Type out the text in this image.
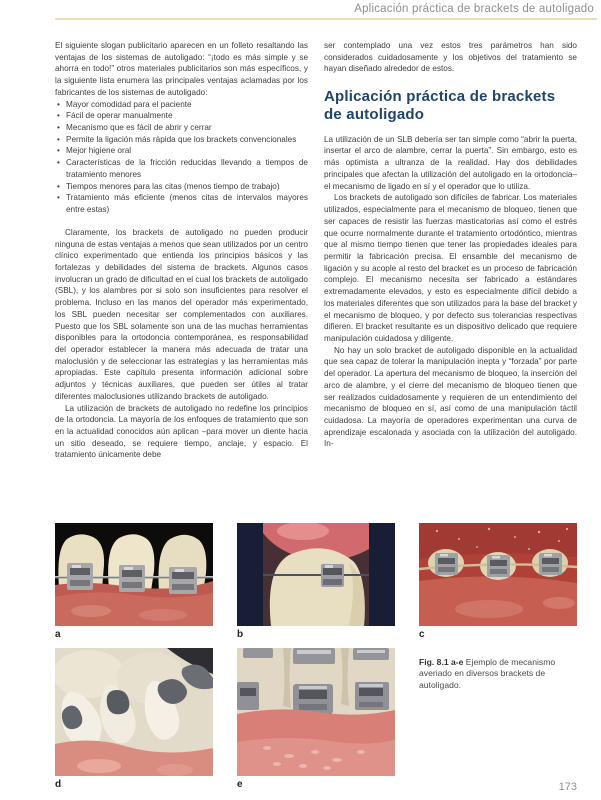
Aplicación práctica de brackets de autoligado

El siguiente slogan publicitario aparecen en un folleto resaltando las ventajas de los sistemas de autoligado: “¡todo es más simple y se ahorra en todo!” otros materiales publicitarios son más específicos, y la siguiente lista enumera las principales ventajas aclamadas por los fabricantes de los sistemas de autoligado:

• Mayor comodidad para el paciente
• Fácil de operar manualmente
• Mecanismo que es fácil de abrir y cerrar
• Permite la ligación más rápida que los brackets convencionales
• Mejor higiene oral
• Características de la fricción reducidas llevando a tiempos de tratamiento menores
• Tiempos menores para las citas (menos tiempo de trabajo)
• Tratamiento más eficiente (menos citas de intervalos mayores entre estas)

Claramente, los brackets de autoligado no pueden producir ninguna de estas ventajas a menos que sean utilizados por un centro clínico experimentado que entienda los principios básicos y las fortalezas y debilidades del sistema de brackets. Algunos casos involucran un grado de dificultad en el cual los brackets de autoligado (SBL), y los alambres por si solo son insuficientes para resolver el problema. Incluso en las manos del operador más experimentado, los SBL pueden necesitar ser complementados con auxiliares. Puesto que los SBL solamente son una de las muchas herramientas disponibles para la ortodoncia contemporánea, es responsabilidad del operador establecer la manera más adecuada de tratar una maloclusión y de seleccionar las estrategias y las herramientas más apropiadas. Este capítulo presenta información adicional sobre adjuntos y técnicas auxiliares, que pueden ser útiles al tratar diferentes maloclusiones utilizando brackets de autoligado.

La utilización de brackets de autoligado no redefine los principios de la ortodoncia. La mayoría de los enfoques de tratamiento que son en la actualidad conocidos aún aplican –para mover un diente hacia un sitio deseado, se requiere tiempo, anclaje, y espacio. El tratamiento únicamente debe

ser contemplado una vez estos tres parámetros han sido considerados cuidadosamente y los objetivos del tratamiento se hayan diseñado alrededor de estos.

Aplicación práctica de brackets de autoligado

La utilización de un SLB debería ser tan simple como “abrir la puerta, insertar el arco de alambre, cerrar la puerta”. Sin embargo, esto es más optimista a ultranza de la realidad. Hay dos debilidades principales que afectan la utilización del autoligado en la ortodoncia– el mecanismo de ligado en sí y el operador que lo utiliza.

Los brackets de autoligado son difíciles de fabricar. Los materiales utilizados, especialmente para el mecanismo de bloqueo, tienen que ser capaces de resistir las fuerzas masticatorias así como el estrés que ocurre normalmente durante el tratamiento ortodóntico, mientras que al mismo tiempo tienen que tener las propiedades ideales para permitir la fabricación precisa. El ensamble del mecanismo de ligación y su acople al resto del bracket es un proceso de fabricación complejo. El mecanismo necesita ser fabricado a estándares extremadamente elevados, y esto es especialmente difícil debido a los materiales diferentes que son utilizados para la base del bracket y el mecanismo de bloqueo, y por defecto sus tolerancias respectivas difieren. El bracket resultante es un dispositivo delicado que requiere manipulación cuidadosa y diligente.

No hay un solo bracket de autoligado disponible en la actualidad que sea capaz de tolerar la manipulación inepta y “forzada” por parte del operador. La apertura del mecanismo de bloqueo, la inserción del arco de alambre, y el cierre del mecanismo de bloqueo tienen que ser realizados cuidadosamente y requieren de un entendimiento del mecanismo de bloqueo en sí, así como de una manipulación táctil cuidadosa. La mayoría de operadores experimentan una curva de aprendizaje escalonada y asociada con la utilización del autoligado. In-

a	b	c
d	e

Fig. 8.1 a-e Ejemplo de mecanismo averiado en diversos brackets de autoligado.

173
